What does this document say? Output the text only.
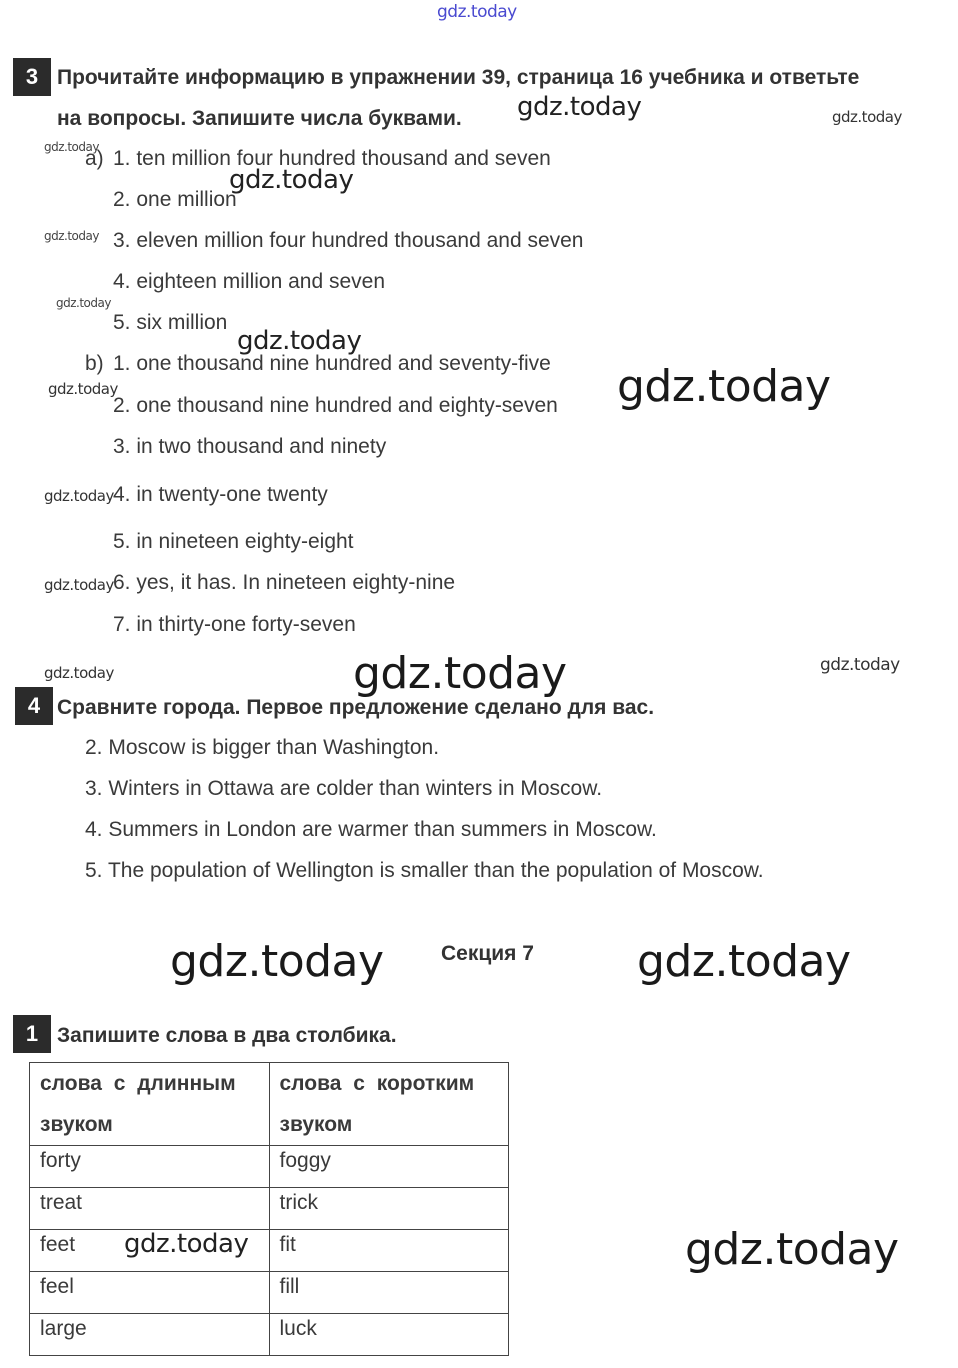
gdz.today
gdz.today	gdz.today
gdz.today
gdz.today
gdz.today
gdz.today
gdz.today
gdz.today	gdz.today
gdz.today
gdz.today
gdz.today	gdz.today	gdz.today
gdz.today	gdz.today
gdz.today
gdz.today
3 Прочитайте информацию в упражнении 39, страница 16 учебника и ответьте
на вопросы. Запишите числа буквами.
a) 1. ten million four hundred thousand and seven
2. one million
3. eleven million four hundred thousand and seven
4. eighteen million and seven
5. six million
b) 1. one thousand nine hundred and seventy-five
2. one thousand nine hundred and eighty-seven
3. in two thousand and ninety
4. in twenty-one twenty
5. in nineteen eighty-eight
6. yes, it has. In nineteen eighty-nine
7. in thirty-one forty-seven
4 Сравните города. Первое предложение сделано для вас.
2. Moscow is bigger than Washington.
3. Winters in Ottawa are colder than winters in Moscow.
4. Summers in London are warmer than summers in Moscow.
5. The population of Wellington is smaller than the population of Moscow.
Секция 7
1 Запишите слова в два столбика.
слова с длинным звуком	слова с коротким звуком
forty	foggy
treat	trick
feet	fit
feel	fill
large	luck
